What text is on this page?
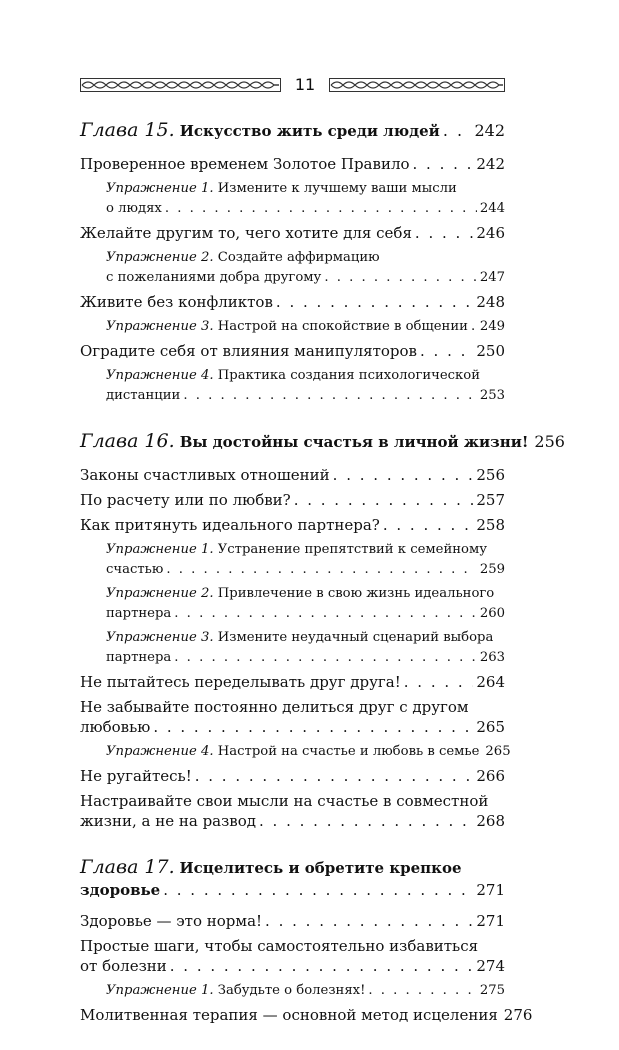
11
Глава 15. Искусство жить среди людей . . . 242
Проверенное временем Золотое Правило . . .	242
Упражнение 1. Измените к лучшему ваши мысли
о людях . . .	244
Желайте другим то, чего хотите для себя . . .	246
Упражнение 2. Создайте аффирмацию
с пожеланиями добра другому . . .	247
Живите без конфликтов . . .	248
Упражнение 3. Настрой на спокойствие в общении . . . 249
Оградите себя от влияния манипуляторов . . .	250
Упражнение 4. Практика создания психологической
дистанции . . .	253
Глава 16. Вы достойны счастья в личной жизни! 256
Законы счастливых отношений . . .	256
По расчету или по любви? . . .	257
Как притянуть идеального партнера? . . .	258
Упражнение 1. Устранение препятствий к семейному
счастью . . .	259
Упражнение 2. Привлечение в свою жизнь идеального
партнера . . .	260
Упражнение 3. Измените неудачный сценарий выбора
партнера . . .	263
Не пытайтесь переделывать друг друга! . . .	264
Не забывайте постоянно делиться друг с другом
любовью . . .	265
Упражнение 4. Настрой на счастье и любовь в семье 265
Не ругайтесь! . . .	266
Настраивайте свои мысли на счастье в совместной
жизни, а не на развод . . .	268
Глава 17. Исцелитесь и обретите крепкое
здоровье . . .	271
Здоровье — это норма! . . .	271
Простые шаги, чтобы самостоятельно избавиться
от болезни . . .	274
Упражнение 1. Забудьте о болезнях! . . .	275
Молитвенная терапия — основной метод исцеления 276
